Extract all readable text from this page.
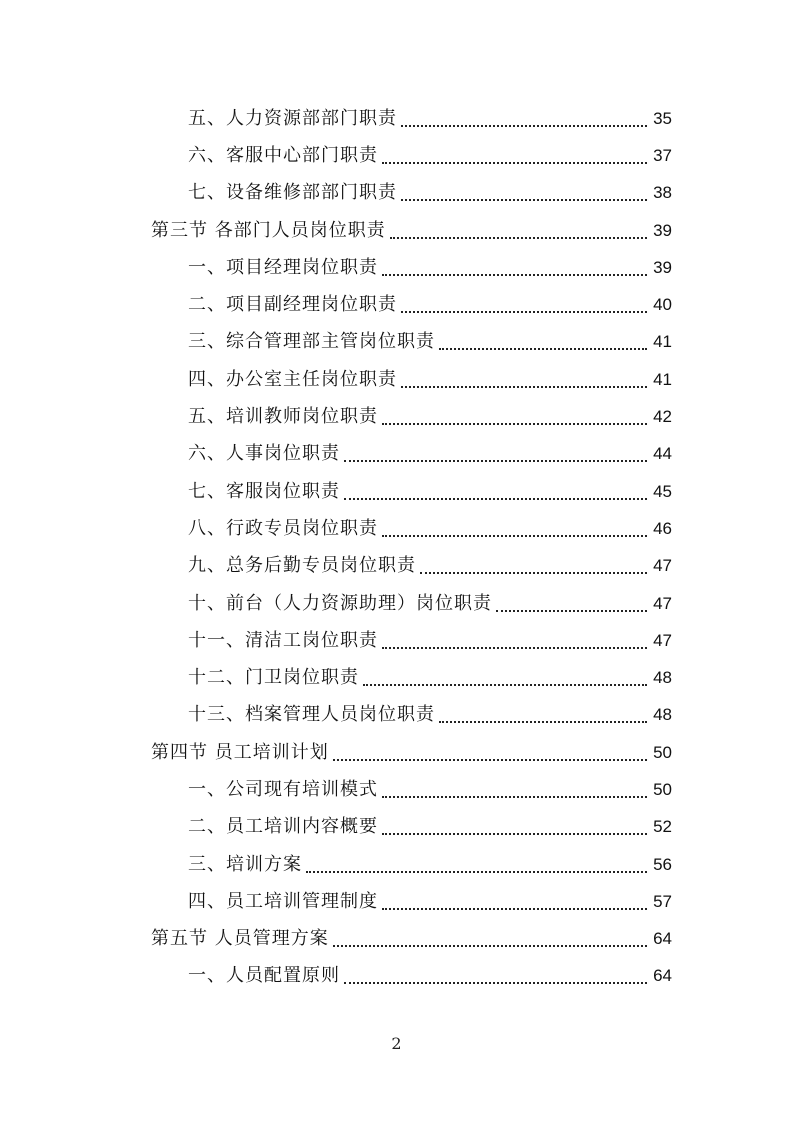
五、人力资源部部门职责	35
六、客服中心部门职责	37
七、设备维修部部门职责	38
第三节 各部门人员岗位职责	39
一、项目经理岗位职责	39
二、项目副经理岗位职责	40
三、综合管理部主管岗位职责	41
四、办公室主任岗位职责	41
五、培训教师岗位职责	42
六、人事岗位职责	44
七、客服岗位职责	45
八、行政专员岗位职责	46
九、总务后勤专员岗位职责	47
十、前台（人力资源助理）岗位职责	47
十一、清洁工岗位职责	47
十二、门卫岗位职责	48
十三、档案管理人员岗位职责	48
第四节 员工培训计划	50
一、公司现有培训模式	50
二、员工培训内容概要	52
三、培训方案	56
四、员工培训管理制度	57
第五节 人员管理方案	64
一、人员配置原则	64
2
